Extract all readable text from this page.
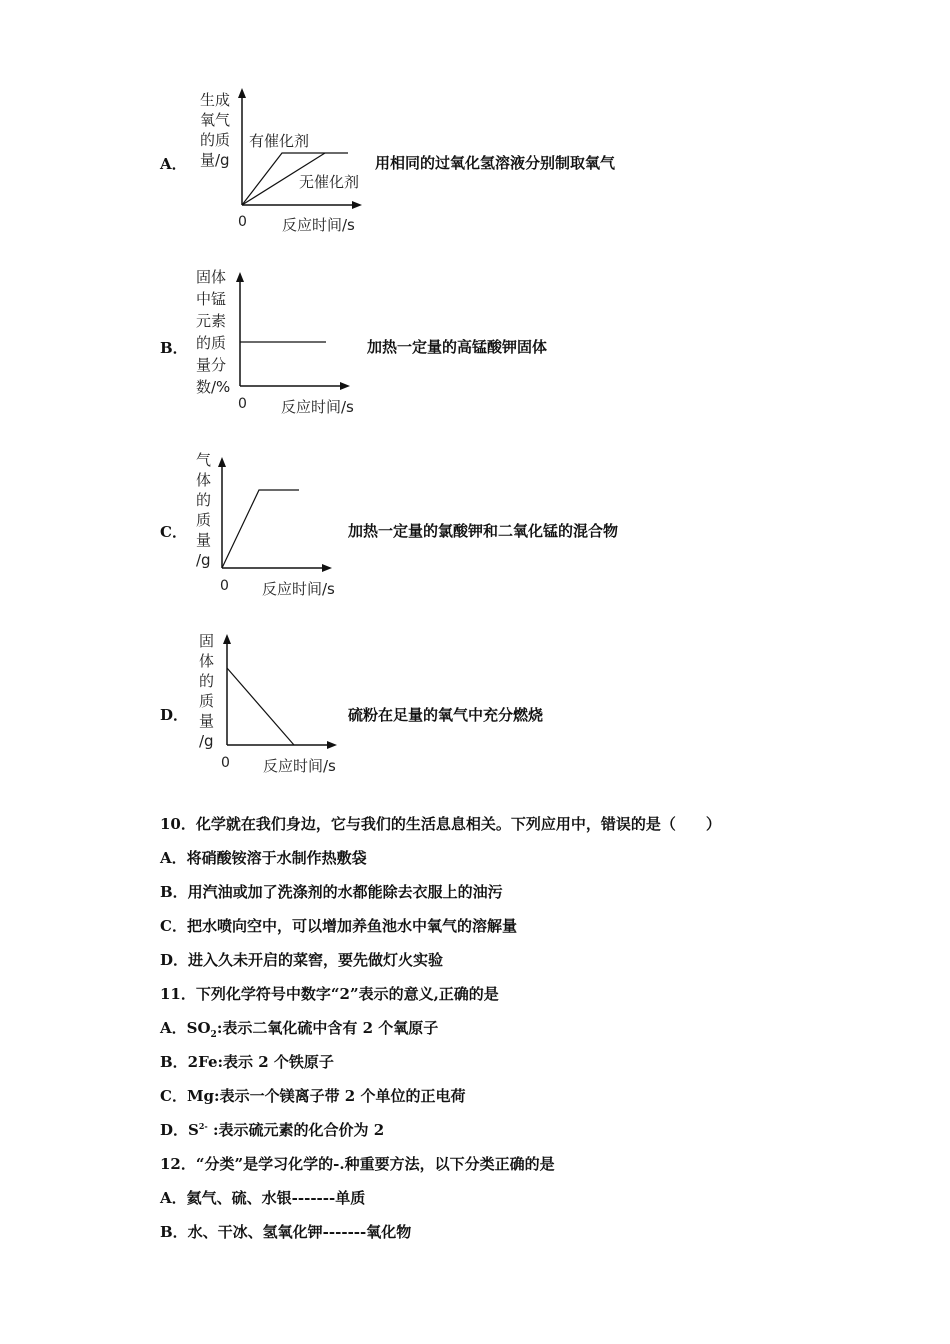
A．
生成
氧气
的质
量/g
有催化剂
无催化剂
0 反应时间/s
用相同的过氧化氢溶液分别制取氧气
B．
固体
中锰
元素
的质
量分
数/%
0 反应时间/s
加热一定量的高锰酸钾固体
C．
气
体
的
质
量
/g
0 反应时间/s
加热一定量的氯酸钾和二氧化锰的混合物
D．
固
体
的
质
量
/g
0 反应时间/s
硫粉在足量的氧气中充分燃烧
10．化学就在我们身边，它与我们的生活息息相关。下列应用中，错误的是（　　）
A．将硝酸铵溶于水制作热敷袋
B．用汽油或加了洗涤剂的水都能除去衣服上的油污
C．把水喷向空中，可以增加养鱼池水中氧气的溶解量
D．进入久未开启的菜窖，要先做灯火实验
11．下列化学符号中数字“2”表示的意义,正确的是
A．$SO_2$:表示二氧化硫中含有 2 个氧原子
B．2Fe:表示 2 个铁原子
C．Mg:表示一个镁离子带 2 个单位的正电荷
D．$S^{2-}$ :表示硫元素的化合价为 2
12．“分类”是学习化学的-.种重要方法，以下分类正确的是
A．氦气、硫、水银-------单质
B．水、干冰、氢氧化钾-------氧化物
